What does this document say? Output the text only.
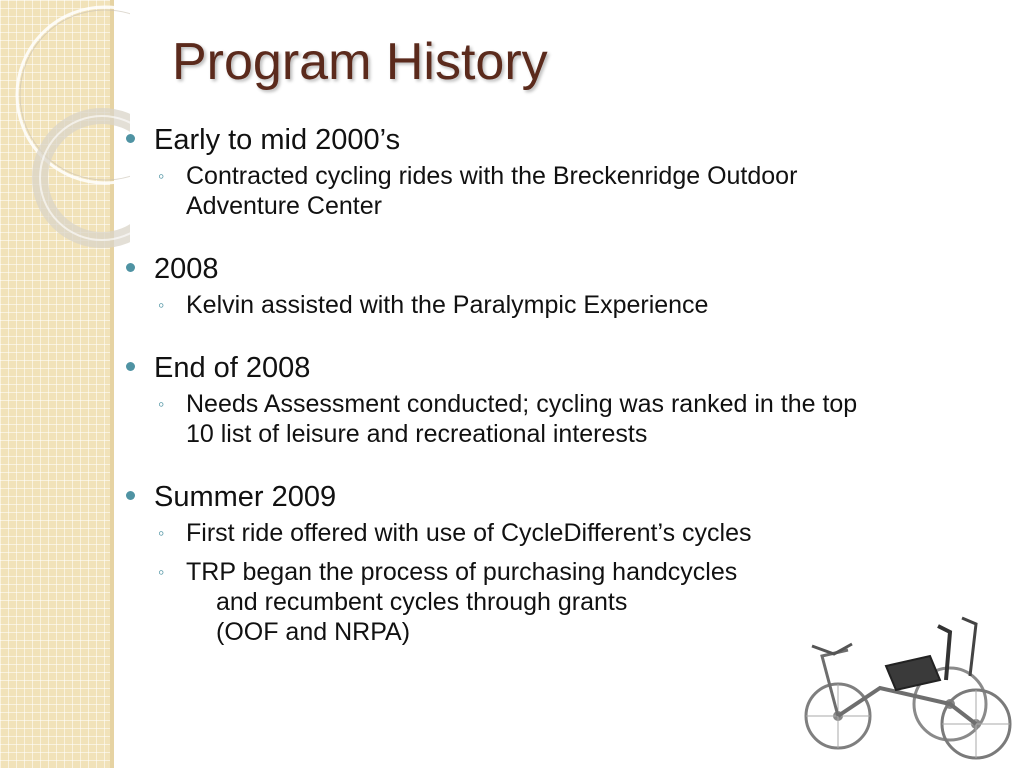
Program History
Early to mid 2000’s
◦ Contracted cycling rides with the Breckenridge Outdoor
Adventure Center
2008
◦ Kelvin assisted with the Paralympic Experience
End of 2008
◦ Needs Assessment conducted; cycling was ranked in the top
10 list of leisure and recreational interests
Summer 2009
◦ First ride offered with use of CycleDifferent’s cycles
◦ TRP began the process of purchasing handcycles
and recumbent cycles through grants
(OOF and NRPA)
